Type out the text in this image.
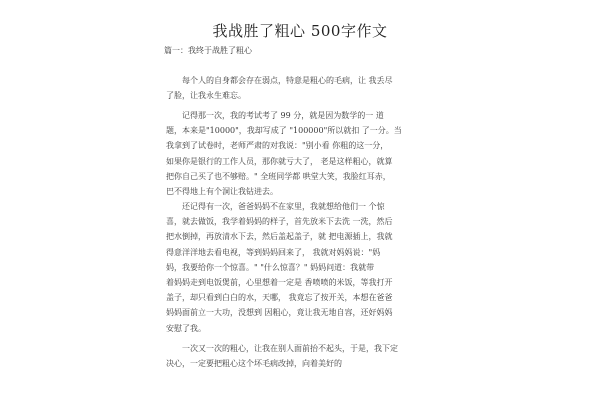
我战胜了粗心 500字作文
篇一：我终于战胜了粗心
　　每个人的自身都会存在弱点，特意是粗心的毛病，让 我丢尽
了脸，让我永生难忘。
　　记得那一次，我的考试考了 99 分，就是因为数学的一 道
题，本来是"10000"，我却写成了 "100000"所以就扣 了一分。当
我拿到了试卷时，老师严肃的对我说："别小看 你粗的这一分，
如果你是银行的工作人员，那你就亏大了， 老是这样粗心，就算
把你自己买了也不够赔。" 全班同学都 哄堂大笑，我脸红耳赤，
巴不得地上有个洞让我钻进去。
　　还记得有一次，爸爸妈妈不在家里，我就想给他们一 个惊
喜，就去做饭，我学着妈妈的样子，首先放米下去洗 一洗，然后
把水倒掉，再放清水下去，然后盖起盖子，就 把电源插上，我就
得意洋洋地去看电视，等到妈妈回来了， 我就对妈妈说："妈
妈，我要给你一个惊喜。" "什么惊喜？" 妈妈问道：我就带
着妈妈走到电饭煲前，心里想着一定是 香喷喷的米饭，等我打开
盖子，却只看到白白的水，天哪， 我竟忘了按开关，本想在爸爸
妈妈面前立一大功，没想到 因粗心，竟让我无地自容，还好妈妈
安慰了我。
　　一次又一次的粗心，让我在别人面前抬不起头，于是，我下定
决心，一定要把粗心这个坏毛病改掉，向着美好的
